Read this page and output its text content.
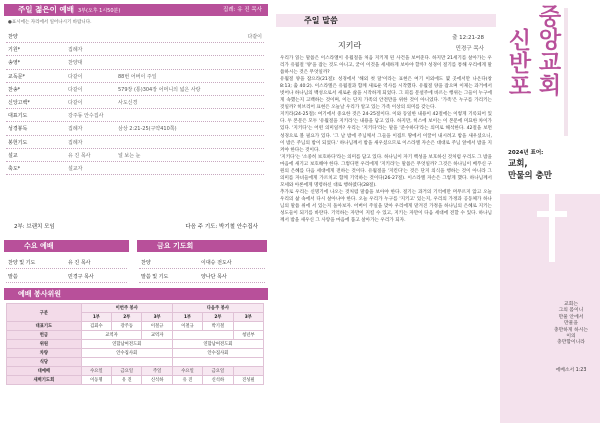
주일 젊은이 예배 3부(오후 1시50분)	집례: 유 진 목사
●표시에는 자리에서 일어나시기 바랍니다.
찬양	다같이
기원*	집례자
송영*	찬양대
교독문*	다같이	88번 어버이 주일
찬송*	다같이	579장 (통)304장 어머니의 넓은 사랑
신앙고백*	다같이	사도신경
대표기도	강주동 안수집사
성경봉독	집례자	삼상 2:21-25(구약410쪽)
봉헌기도	집례자
설교	유 진 목사	널 보는 눈
축도*	설교자
2부: 브랜치 모임	다음 주 기도: 박기철 안수집사
수요 예배
찬양 및 기도	유 진 목사
말씀	민경구 목사
금요 기도회
찬양	이대승 전도사
말씀 및 기도	양나단 목사
예배 봉사위원
구분	이번주 봉사			다음주 봉사		
	1부	2부	3부	1부	2부	3부
대표기도	김회수	강주동	이철규	이철규	박기철	
헌금	교역자		교역자			청년부
위원	연합남여전도회			연합남여전도회		
차량	안수집사회			안수집사회		
식당						
대예배	수요일	금요일	주일	수요일	금요일	
새벽기도회	이동명	유 진	신석하	유 진	신석하	진성필
주일 말씀
지키라
출 12:21-28
민경구 목사

우리가 읽는 말씀은 이스라엘이 유월절을 처음 지키게 된 사건을 보여준다. 하지만 21세기를 살아가는 우리가 유월절 '양'을 잡는 것도 아니고, 굳이 이것을 세세하게 보아야 할까? 성경이 절기를 통해 우리에게 말씀하시는 것은 무엇일까?

유월절 양을 잡으라(21절): 성경에서 '해외 첫 달'이라는 표현은 여기 이외에도 몇 곳에서만 나온다(창 8:13; 출 40:2). 이스라엘은 유월절과 함께 새로운 역사를 시작했다. 유월절 양을 잡으며 이제는 과거에서 벗어나 하나님의 백성으로서 새로운 삶을 시작하게 되었다. 그 피를 문설주에 바르는 행위는 그들이 누구에게 속했는지 고백하는 것이며, 이는 단지 가족의 안전만을 위한 것이 아니었다. '가족'은 누구를 가리키는 것일까? 히브리어 표현은 오늘날 우리가 알고 있는 가족 이상의 의미를 갖는다.

지키라(24-25절): 여기에서 중요한 것은 24-25절이다. 이와 동일한 내용이 42절에는 이렇게 기록되어 있다. 두 본문은 모두 '유월절을 지키라'는 내용을 담고 있다. 하지만, 히스에 보이는 이 본문에 미묘한 차이가 있다. '지키다'는 어떤 의미일까? 우리는 '지키다'라는 말을 '준수하다'라는 의미로 해석한다. 42절을 보면 성경으로 볼 필요가 있다. '그 날 밤에 주님께서 그들을 이집트 땅에서 이끌어 내시려고 밤을 새우셨으니, 이 밤은 주님의 밤이 되었다.' 하나님께서 밤을 새우셨으므로 이스라엘 자손은 대대로 주님 앞에서 밤을 지켜야 한다는 것이다.

'지키다'는 '소중히 보호하다'라는 의미를 담고 있다. 하나님이 자기 백성을 보호하신 것처럼 우리도 그 밤을 마음에 새기고 보호해야 한다. 그렇다면 우리에게 '지키라'는 말씀은 무엇일까? 그것은 하나님이 베푸신 구원의 은혜를 다음 세대에게 전하는 것이다. 유월절을 '지킨다'는 것은 단지 의식을 행하는 것이 아니라 그 의미를 자녀들에게 가르치고 함께 기억하는 것이다(26-27절). 이스라엘 자손은 그렇게 했다. 하나님께서 모세와 아론에게 명령하신 대로 행하였다(28절).

추가로 우리는 신명기에 나오는 것처럼 말씀을 보아야 한다. 절기는 과거의 기억에만 머무르지 않고 오늘 우리의 삶 속에서 다시 살아나야 한다. 오늘 우리가 누구를 '지키고' 있는지, 우리의 가정과 공동체가 하나님의 말씀 위에 서 있는지 돌아보자. 어버이 주일을 맞아 우리에게 맡겨진 가정을 하나님의 은혜로 지키는 성도들이 되기를 바란다. 기억하는 자만이 지킬 수 있고, 지키는 자만이 다음 세대에 전할 수 있다. 하나님께서 밤을 새우신 그 사랑을 마음에 품고 살아가는 우리가 되자.

신
반
포
중
앙
교
회
2024년 표어:
교회,
만물의 충만
교회는
그의 몸이니
만물 안에서
만물을
충만하게 하시는
이의
충만함이니라
에베소서 1:23
